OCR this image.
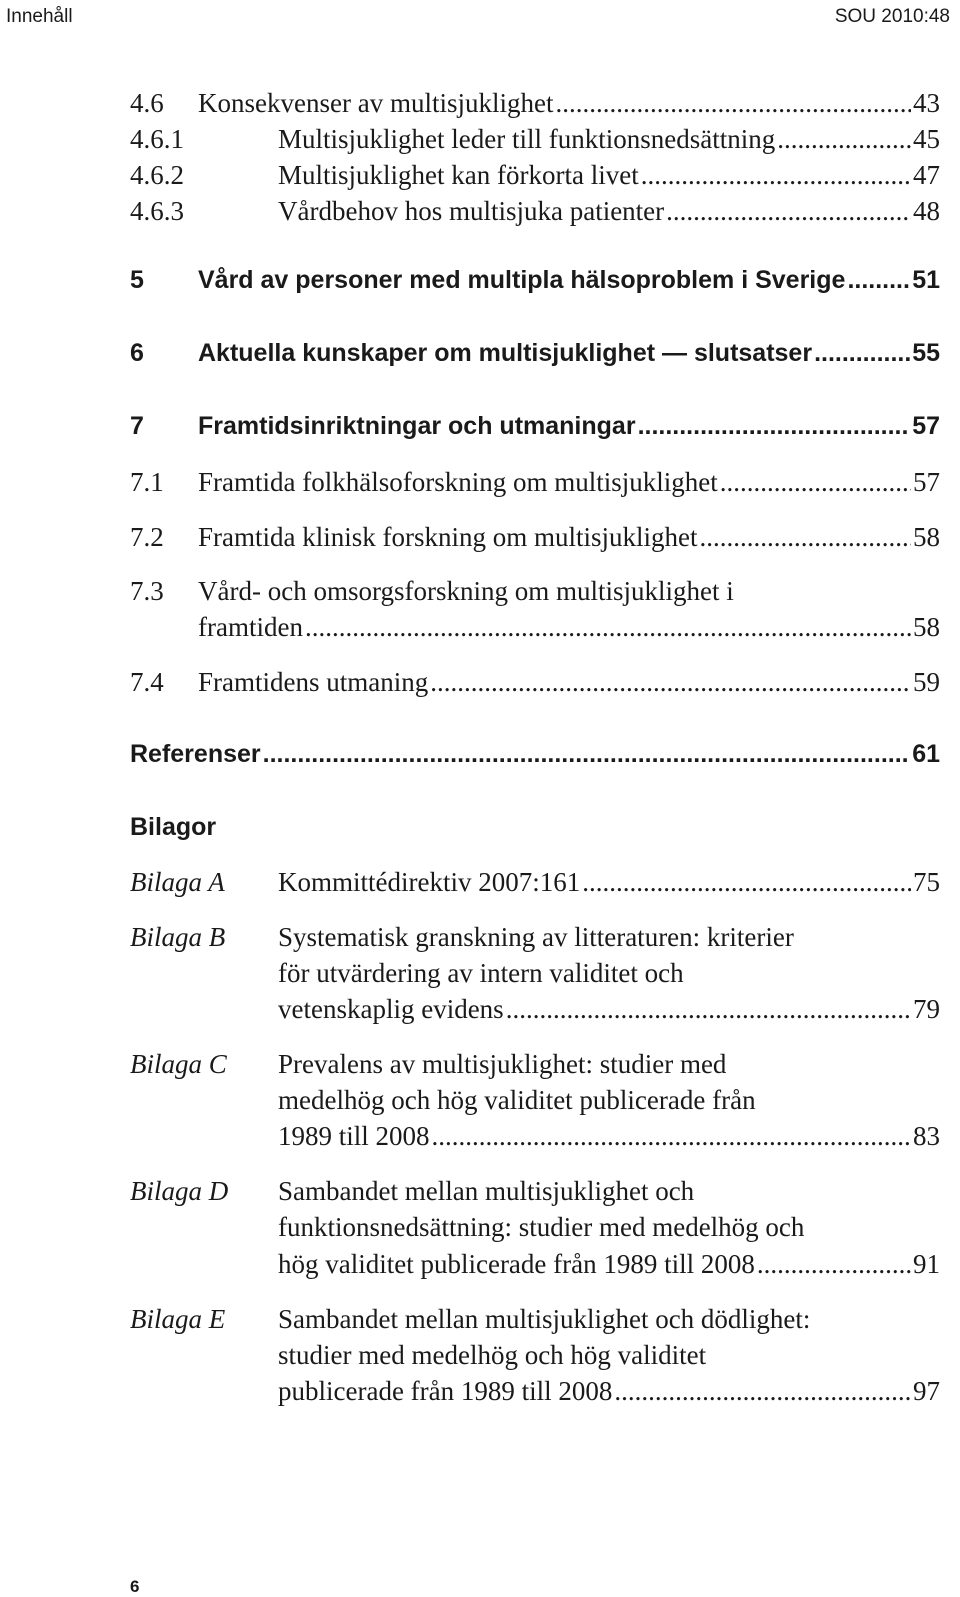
Innehåll	SOU 2010:48
4.6	Konsekvenser av multisjuklighet .....	43
4.6.1	Multisjuklighet leder till funktionsnedsättning .....	45
4.6.2	Multisjuklighet kan förkorta livet .....	47
4.6.3	Vårdbehov hos multisjuka patienter .....	48
5	Vård av personer med multipla hälsoproblem i Sverige .....	51
6	Aktuella kunskaper om multisjuklighet — slutsatser .....	55
7	Framtidsinriktningar och utmaningar .....	57
7.1	Framtida folkhälsoforskning om multisjuklighet .....	57
7.2	Framtida klinisk forskning om multisjuklighet .....	58
7.3 Vård- och omsorgsforskning om multisjuklighet i
framtiden .....	58
7.4	Framtidens utmaning .....	59
Referenser .....	61
Bilagor
Bilaga A Kommittédirektiv 2007:161 .....	75
Bilaga B Systematisk granskning av litteraturen: kriterier
för utvärdering av intern validitet och
vetenskaplig evidens .....	79
Bilaga C Prevalens av multisjuklighet: studier med
medelhög och hög validitet publicerade från
1989 till 2008 .....	83
Bilaga D Sambandet mellan multisjuklighet och
funktionsnedsättning: studier med medelhög och
hög validitet publicerade från 1989 till 2008 .....	91
Bilaga E Sambandet mellan multisjuklighet och dödlighet:
studier med medelhög och hög validitet
publicerade från 1989 till 2008 .....	97
6
